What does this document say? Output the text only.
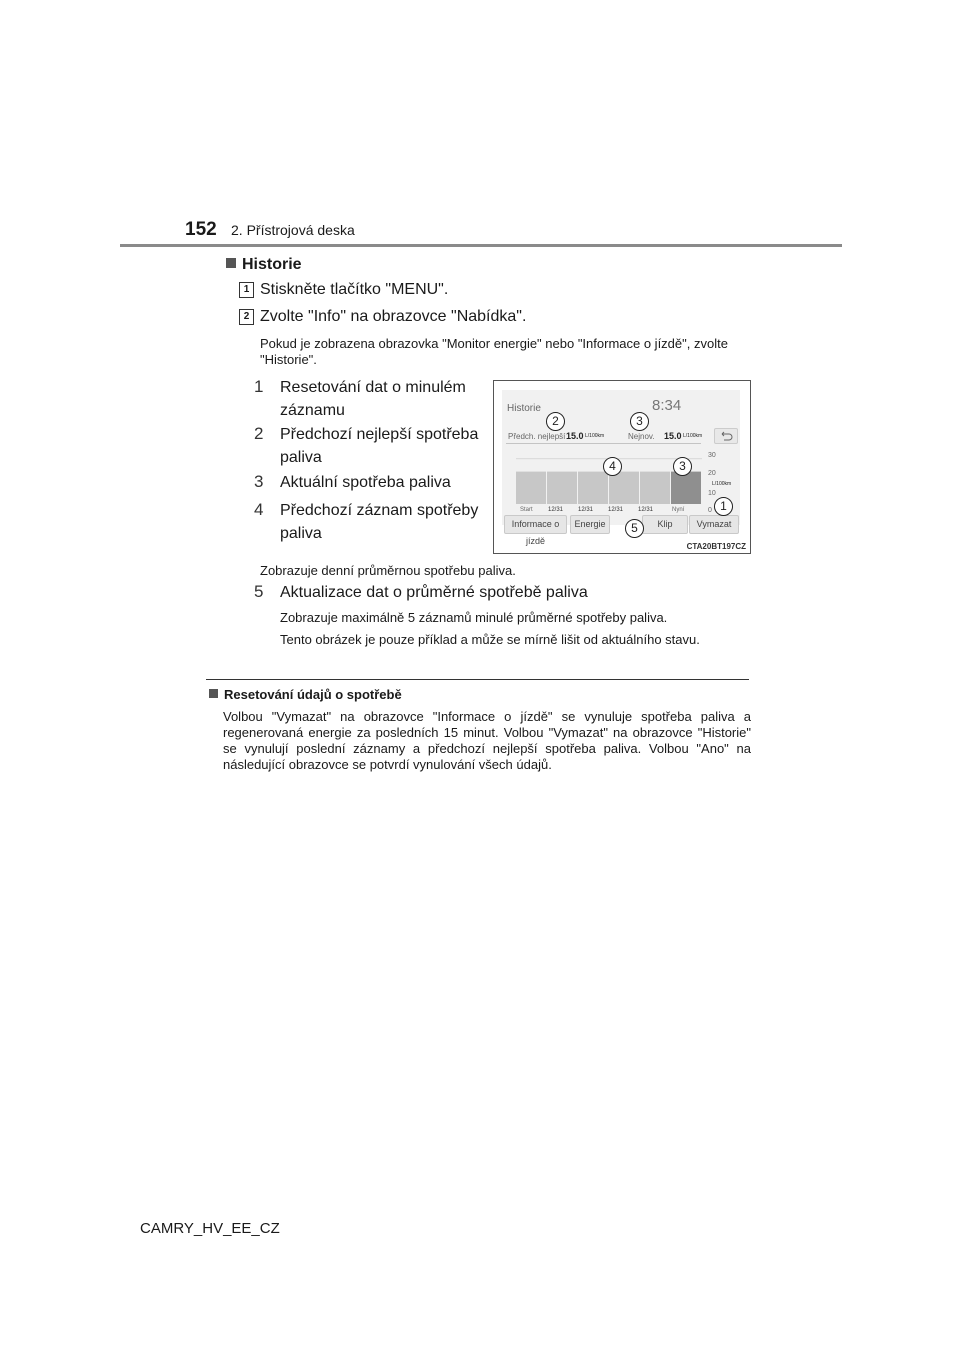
152 2. Přístrojová deska
Historie
1 Stiskněte tlačítko "MENU".
2 Zvolte "Info" na obrazovce "Nabídka".
Pokud je zobrazena obrazovka "Monitor energie" nebo "Informace o jízdě", zvolte "Historie".
1 Resetování dat o minulém záznamu
2 Předchozí nejlepší spotřeba paliva
3 Aktuální spotřeba paliva
4 Předchozí záznam spotřeby paliva
Zobrazuje denní průměrnou spotřebu paliva.
5 Aktualizace dat o průměrné spotřebě paliva
Zobrazuje maximálně 5 záznamů minulé průměrné spotřeby paliva.
Tento obrázek je pouze příklad a může se mírně lišit od aktuálního stavu.
Historie	8:34
Předch. nejlepší 15.0 L/100km	Nejnov. 15.0 L/100km
30
20
L/100km
10
0
Start	12/31 12/31 12/31 12/31	Nyní
Informace o jízdě
Energie	Klip	Vymazat
2	3
4	3
1
5
CTA20BT197CZ
Resetování údajů o spotřebě
Volbou "Vymazat" na obrazovce "Informace o jízdě" se vynuluje spotřeba paliva a regenerovaná energie za posledních 15 minut. Volbou "Vymazat" na obrazovce "Historie" se vynulují poslední záznamy a předchozí nejlepší spotřeba paliva. Volbou "Ano" na následující obrazovce se potvrdí vynulování všech údajů.
CAMRY_HV_EE_CZ
